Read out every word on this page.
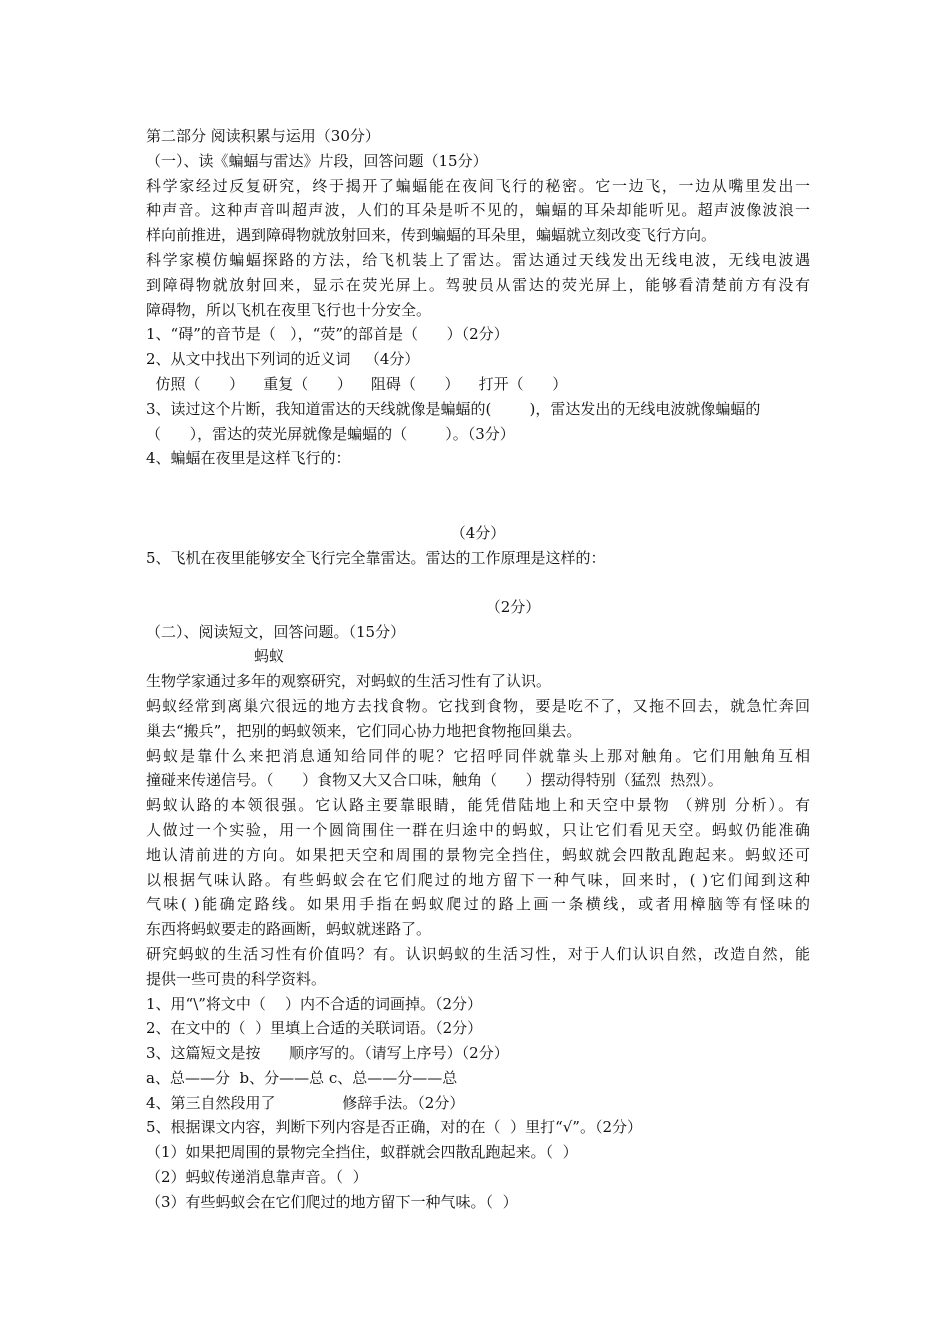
第二部分 阅读积累与运用（30分）
（一）、读《蝙蝠与雷达》片段，回答问题（15分）
科学家经过反复研究，终于揭开了蝙蝠能在夜间飞行的秘密。它一边飞，一边从嘴里发出一
种声音。这种声音叫超声波，人们的耳朵是听不见的，蝙蝠的耳朵却能听见。超声波像波浪一
样向前推进，遇到障碍物就放射回来，传到蝙蝠的耳朵里，蝙蝠就立刻改变飞行方向。
科学家模仿蝙蝠探路的方法，给飞机装上了雷达。雷达通过天线发出无线电波，无线电波遇
到障碍物就放射回来，显示在荧光屏上。驾驶员从雷达的荧光屏上，能够看清楚前方有没有
障碍物，所以飞机在夜里飞行也十分安全。
1、“碍”的音节是（   ），“荧”的部首是（      ）（2分）
2、从文中找出下列词的近义词   （4分）
仿照（      ）    重复（      ）    阻碍（      ）    打开（      ）
3、读过这个片断，我知道雷达的天线就像是蝙蝠的(        )，雷达发出的无线电波就像蝙蝠的
（      ），雷达的荧光屏就像是蝙蝠的（        ）。（3分）
4、蝙蝠在夜里是这样飞行的：
（4分）
5、飞机在夜里能够安全飞行完全靠雷达。雷达的工作原理是这样的：
（2分）
（二）、阅读短文，回答问题。（15分）
蚂蚁
生物学家通过多年的观察研究，对蚂蚁的生活习性有了认识。
蚂蚁经常到离巢穴很远的地方去找食物。它找到食物，要是吃不了，又拖不回去，就急忙奔回
巢去“搬兵”，把别的蚂蚁领来，它们同心协力地把食物拖回巢去。
蚂蚁是靠什么来把消息通知给同伴的呢？它招呼同伴就靠头上那对触角。它们用触角互相
撞碰来传递信号。（      ）食物又大又合口味，触角（      ）摆动得特别（猛烈  热烈）。
蚂蚁认路的本领很强。它认路主要靠眼睛，能凭借陆地上和天空中景物 （辨別 分析）。有
人做过一个实验，用一个圆筒围住一群在归途中的蚂蚁，只让它们看见天空。蚂蚁仍能准确
地认清前进的方向。如果把天空和周围的景物完全挡住，蚂蚁就会四散乱跑起来。蚂蚁还可
以根据气味认路。有些蚂蚁会在它们爬过的地方留下一种气味，回来时，( )它们闻到这种
气味( )能确定路线。如果用手指在蚂蚁爬过的路上画一条横线，或者用樟脑等有怪味的
东西将蚂蚁要走的路画断，蚂蚁就迷路了。
研究蚂蚁的生活习性有价值吗？有。认识蚂蚁的生活习性，对于人们认识自然，改造自然，能
提供一些可贵的科学资料。
1、用“\”将文中（    ）内不合适的词画掉。（2分）
2、在文中的（  ）里填上合适的关联词语。（2分）
3、这篇短文是按      顺序写的。（请写上序号）（2分）
a、总——分  b、分——总 c、总——分——总
4、第三自然段用了              修辞手法。（2分）
5、根据课文内容，判断下列内容是否正确，对的在（  ）里打“√”。（2分）
（1）如果把周围的景物完全挡住，蚁群就会四散乱跑起来。（  ）
（2）蚂蚁传递消息靠声音。（  ）
（3）有些蚂蚁会在它们爬过的地方留下一种气味。（  ）
